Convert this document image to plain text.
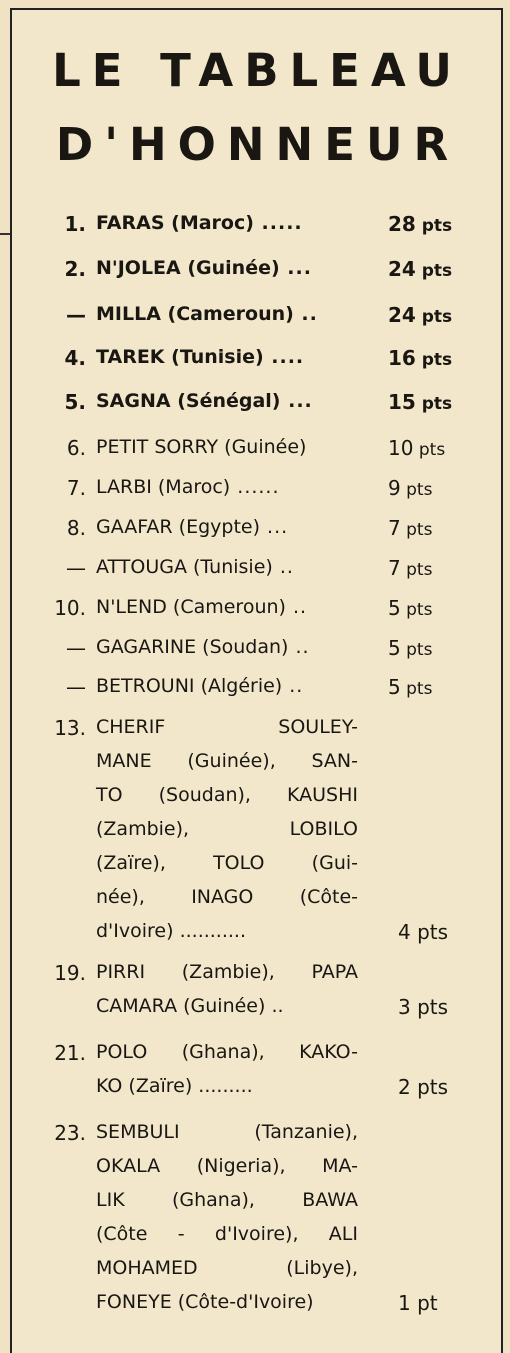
LE TABLEAU
D'HONNEUR
1. FARAS (Maroc) .....	28 pts
2. N'JOLEA (Guinée) ...	24 pts
— MILLA (Cameroun) ..	24 pts
4. TAREK (Tunisie) ....	16 pts
5. SAGNA (Sénégal) ...	15 pts
6. PETIT SORRY (Guinée)	10 pts
7. LARBI (Maroc) ......	9 pts
8. GAAFAR (Egypte) ...	7 pts
— ATTOUGA (Tunisie) ..	7 pts
10. N'LEND (Cameroun) ..	5 pts
— GAGARINE (Soudan) ..	5 pts
— BETROUNI (Algérie) ..	5 pts
13. CHERIF SOULEY-
MANE (Guinée), SAN-
TO (Soudan), KAUSHI
(Zambie), LOBILO
(Zaïre), TOLO (Gui-
née), INAGO (Côte-
d'Ivoire) ...........	4 pts
19. PIRRI (Zambie), PAPA
CAMARA (Guinée) ..	3 pts
21. POLO (Ghana), KAKO-
KO (Zaïre) .........	2 pts
23. SEMBULI (Tanzanie),
OKALA (Nigeria), MA-
LIK (Ghana), BAWA
(Côte - d'Ivoire), ALI
MOHAMED (Libye),
FONEYE (Côte-d'Ivoire)	1 pt
